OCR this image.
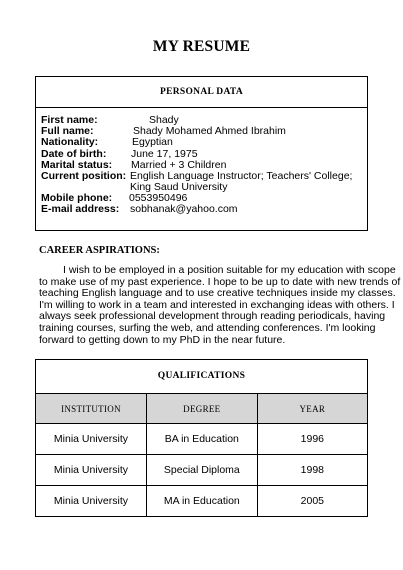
MY RESUME
PERSONAL DATA
First name:	Shady
Full name:	Shady Mohamed Ahmed Ibrahim
Nationality:	Egyptian
Date of birth: June 17, 1975
Marital status: Married + 3 Children
Current position: English Language Instructor; Teachers' College;
King Saud University
Mobile phone: 0553950496
E-mail address: sobhanak@yahoo.com
CAREER ASPIRATIONS:

I wish to be employed in a position suitable for my education with scope
to make use of my past experience. I hope to be up to date with new trends of
teaching English language and to use creative techniques inside my classes.
I'm willing to work in a team and interested in exchanging ideas with others. I
always seek professional development through reading periodicals, having
training courses, surfing the web, and attending conferences. I'm looking
forward to getting down to my PhD in the near future.

QUALIFICATIONS
INSTITUTION	DEGREE	YEAR
Minia University	BA in Education	1996
Minia University	Special Diploma	1998
Minia University	MA in Education	2005
